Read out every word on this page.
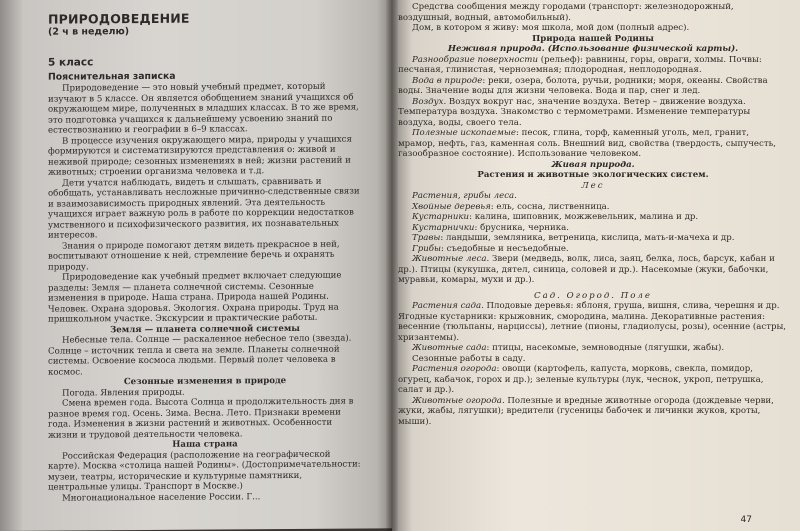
ПРИРОДОВЕДЕНИЕ
(2 ч в неделю)
5 класс
Пояснительная записка

Природоведение — это новый учебный предмет, который изучают в 5 классе. Он является обобщением знаний учащихся об окружающем мире, полученных в младших классах. В то же время, это подготовка учащихся к дальнейшему усвоению знаний по естествознанию и географии в 6–9 классах.

В процессе изучения окружающего мира, природы у учащихся формируются и систематизируются представления о: живой и неживой природе; сезонных изменениях в ней; жизни растений и животных; строении организма человека и т.д.

Дети учатся наблюдать, видеть и слышать, сравнивать и обобщать, устанавливать несложные причинно-следственные связи и взаимозависимость природных явлений. Эта деятельность учащихся играет важную роль в работе по коррекции недостатков умственного и психофизического развития, их познавательных интересов.

Знания о природе помогают детям видеть прекрасное в ней, воспитывают отношение к ней, стремление беречь и охранять природу.

Природоведение как учебный предмет включает следующие разделы: Земля — планета солнечной системы. Сезонные изменения в природе. Наша страна. Природа нашей Родины. Человек. Охрана здоровья. Экология. Охрана природы. Труд на пришкольном участке. Экскурсии и практические работы.

Земля — планета солнечной системы

Небесные тела. Солнце — раскаленное небесное тело (звезда). Солнце – источник тепла и света на земле. Планеты солнечной системы. Освоение космоса людьми. Первый полет человека в космос.

Сезонные изменения в природе

Погода. Явления природы.

Смена времен года. Высота Солнца и продолжительность дня в разное время год. Осень. Зима. Весна. Лето. Признаки времени года. Изменения в жизни растений и животных. Особенности жизни и трудовой деятельности человека.

Наша страна

Российская Федерация (расположение на географической карте). Москва «столица нашей Родины». (Достопримечательности: музеи, театры, исторические и культурные памятники, центральные улицы. Транспорт в Москве.)

Многонациональное население России. Г...

Средства сообщения между городами (транспорт: железнодорожный, воздушный, водный, автомобильный).

Дом, в котором я живу: моя школа, мой дом (полный адрес).

Природа нашей Родины
Неживая природа. (Использование физической карты).

Разнообразие поверхности (рельеф): равнины, горы, овраги, холмы. Почвы: песчаная, глинистая, черноземная; плодородная, неплодородная.

Вода в природе: реки, озера, болота, ручьи, родники; моря, океаны. Свойства воды. Значение воды для жизни человека. Вода и пар, снег и лед.

Воздух. Воздух вокруг нас, значение воздуха. Ветер – движение воздуха. Температура воздуха. Знакомство с термометрами. Изменение температуры воздуха, воды, своего тела.

Полезные ископаемые: песок, глина, торф, каменный уголь, мел, гранит, мрамор, нефть, газ, каменная соль. Внешний вид, свойства (твердость, сыпучесть, газообразное состояние). Использование человеком.

Живая природа.
Растения и животные экологических систем.
Лес

Растения, грибы леса.

Хвойные деревья: ель, сосна, лиственница.

Кустарники: калина, шиповник, можжевельник, малина и др.

Кустарнички: брусника, черника.

Травы: ландыши, земляника, ветреница, кислица, мать-и-мачеха и др.

Грибы: съедобные и несъедобные.

Животные леса. Звери (медведь, волк, лиса, заяц, белка, лось, барсук, кабан и др.). Птицы (кукушка, дятел, синица, соловей и др.). Насекомые (жуки, бабочки, муравьи, комары, мухи и др.).

Сад. Огород. Поле

Растения сада. Плодовые деревья: яблоня, груша, вишня, слива, черешня и др. Ягодные кустарники: крыжовник, смородина, малина. Декоративные растения: весенние (тюльпаны, нарциссы), летние (пионы, гладиолусы, розы), осенние (астры, хризантемы).

Животные сада: птицы, насекомые, земноводные (лягушки, жабы).

Сезонные работы в саду.

Растения огорода: овощи (картофель, капуста, морковь, свекла, помидор, огурец, кабачок, горох и др.); зеленые культуры (лук, чеснок, укроп, петрушка, салат и др.).

Животные огорода. Полезные и вредные животные огорода (дождевые черви, жуки, жабы, лягушки); вредители (гусеницы бабочек и личинки жуков, кроты, мыши).

47
